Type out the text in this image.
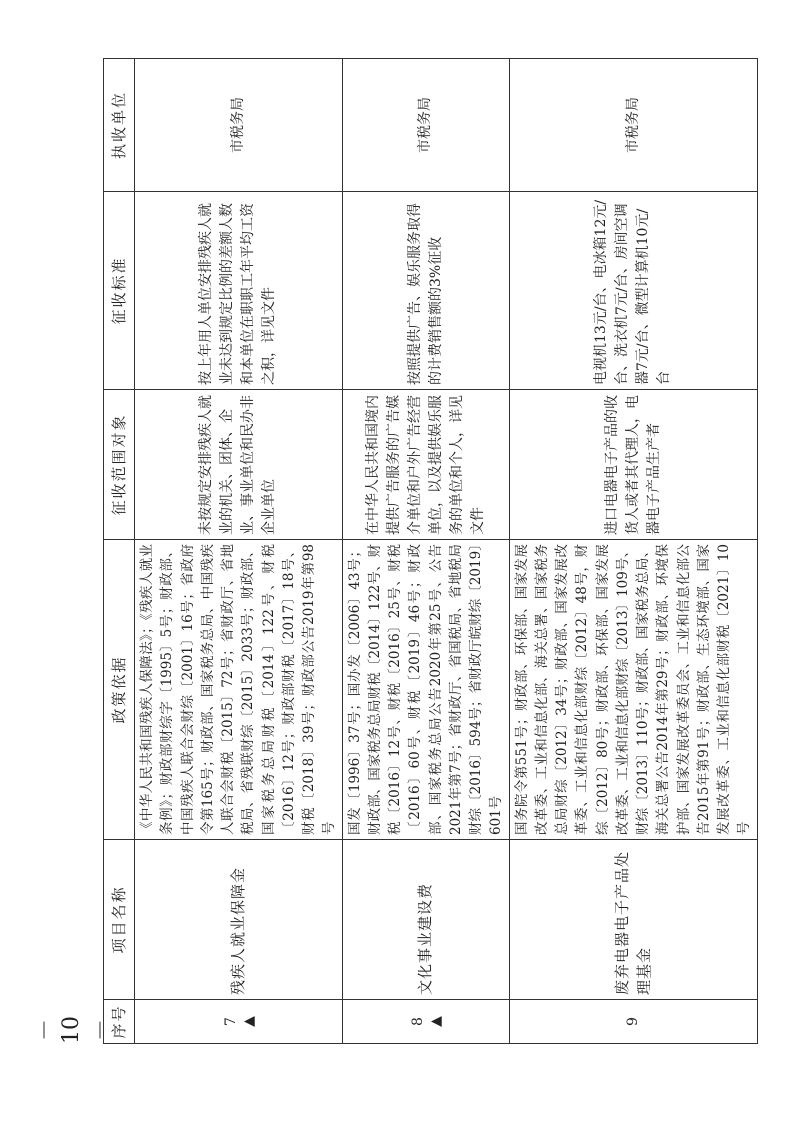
序号	项目名称	政策依据	征收范围对象	征收标准	执收单位
7 ▲	残疾人就业保障金	《中华人民共和国残疾人保障法》；《残疾人就业条例》；财政部财综字〔1995〕5号；财政部、中国残疾人联合会财综〔2001〕16号；省政府令第165号；财政部、国家税务总局、中国残疾人联合会财税〔2015〕72号；省财政厅、省地税局、省残联财综〔2015〕2033号；财政部、国家税务总局财税〔2014〕122号、财税〔2016〕12号；财政部财税〔2017〕18号、财税〔2018〕39号；财政部公告2019年第98号	未按规定安排残疾人就业的机关、团体、企业、事业单位和民办非企业单位	按上年用人单位安排残疾人就业未达到规定比例的差额人数和本单位在职职工年平均工资之积，详见文件	市税务局
8 ▲	文化事业建设费	国发〔1996〕37号；国办发〔2006〕43号；财政部、国家税务总局财税〔2014〕122号、财税〔2016〕12号、财税〔2016〕25号、财税〔2016〕60号、财税〔2019〕46号；财政部、国家税务总局公告2020年第25号、公告2021年第7号；省财政厅、省国税局、省地税局财综〔2016〕594号；省财政厅皖财综〔2019〕601号	在中华人民共和国境内提供广告服务的广告媒介单位和户外广告经营单位，以及提供娱乐服务的单位和个人，详见文件	按照提供广告、娱乐服务取得的计费销售额的3%征收	市税务局
9	废弃电器电子产品处理基金	国务院令第551号；财政部、环保部、国家发展改革委、工业和信息化部、海关总署、国家税务总局财综〔2012〕34号；财政部、国家发展改革委、工业和信息化部财综〔2012〕48号，财综〔2012〕80号；财政部、环保部、国家发展改革委、工业和信息化部财综〔2013〕109号、财综〔2013〕110号；财政部、国家税务总局、海关总署公告2014年第29号；财政部、环境保护部、国家发展改革委员会、工业和信息化部公告2015年第91号；财政部、生态环境部、国家发展改革委、工业和信息化部财税〔2021〕10号	进口电器电子产品的收货人或者其代理人，电器电子产品生产者	电视机13元/台、电冰箱12元/台、洗衣机7元/台、房间空调器7元/台、微型计算机10元/台	市税务局
－ 10 －
